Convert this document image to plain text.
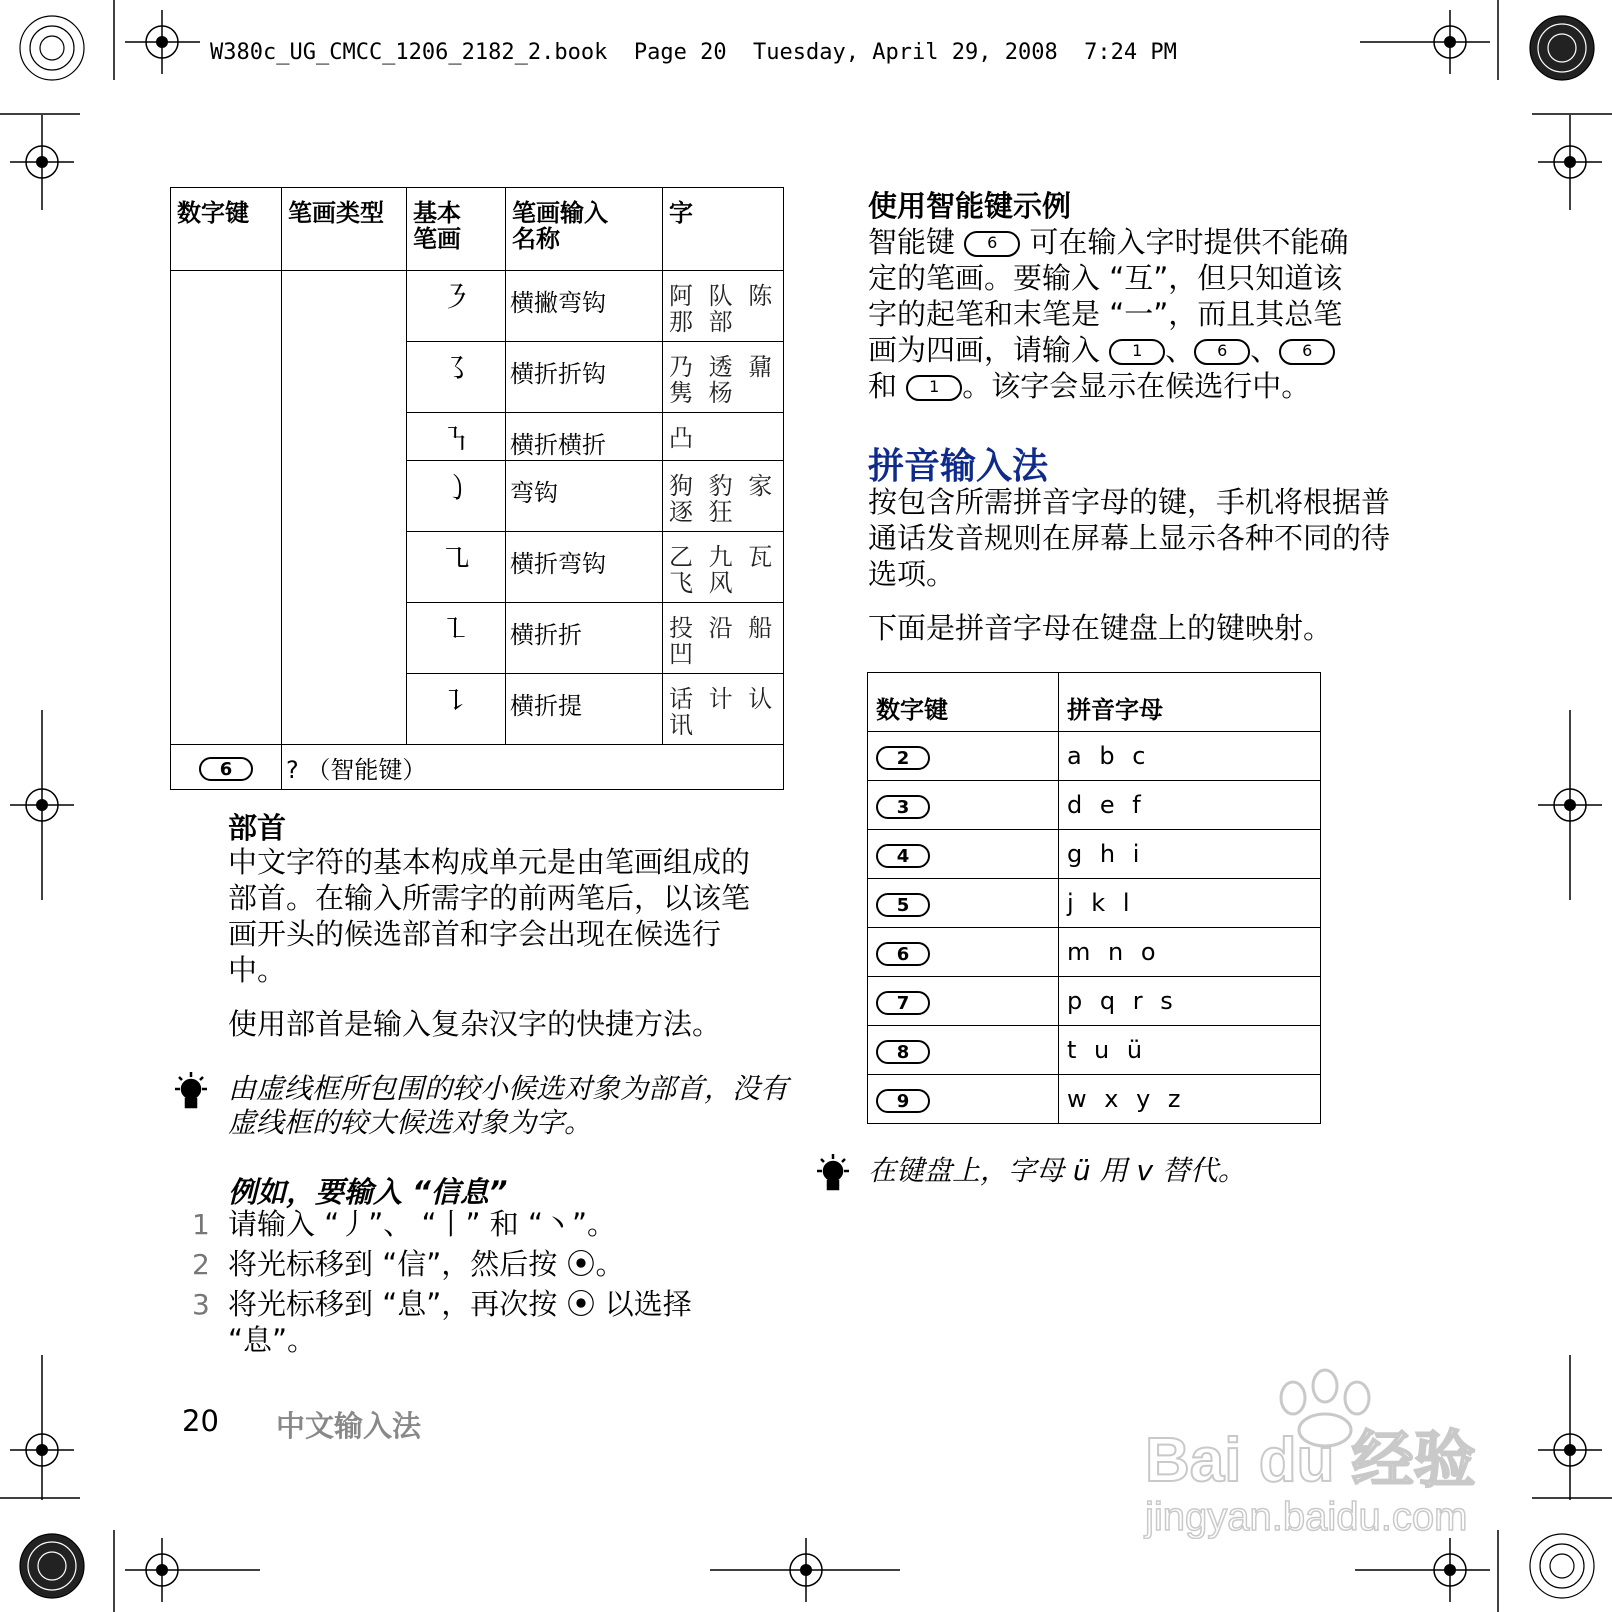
W380c_UG_CMCC_1206_2182_2.book  Page 20  Tuesday, April 29, 2008  7:24 PM
数字键	笔画类型	基本
笔画	笔画输入
名称	字
		㇋	横撇弯钩	阿 队 陈
那 部
		㇌	横折折钩	乃 透 鼐
隽 杨
		㇎	横折横折	凸
		㇁	弯钩	狗 豹 家
逐 狂
		㇈	横折弯钩	乙 九 瓦
飞 风
		㇅	横折折	投 沿 船
凹
		㇊	横折提	话 计 认
讯
6	? （智能键）			
部首
中文字符的基本构成单元是由笔画组成的部首。在输入所需字的前两笔后，以该笔画开头的候选部首和字会出现在候选行中。
使用部首是输入复杂汉字的快捷方法。
由虚线框所包围的较小候选对象为部首，没有虚线框的较大候选对象为字。
例如，要输入 “信息”
1 请输入 “丿”、 “丨” 和 “丶”。
2 将光标移到 “信”，然后按 ⦿。
3 将光标移到 “息”，再次按 ⦿ 以选择 “息”。
20 中文输入法
使用智能键示例
智能键 6 可在输入字时提供不能确
定的笔画。要输入 “互”，但只知道该
字的起笔和末笔是 “一”，而且其总笔
画为四画，请输入 1 、 6 、 6
和 1 。该字会显示在候选行中。
拼音输入法
按包含所需拼音字母的键，手机将根据普通话发音规则在屏幕上显示各种不同的待选项。
下面是拼音字母在键盘上的键映射。
数字键	拼音字母
2	a b c
3	d e f
4	g h i
5	j k l
6	m n o
7	p q r s
8	t u ü
9	w x y z
在键盘上，字母 ü 用 v 替代。
Bai du 经验
jingyan.baidu.com
